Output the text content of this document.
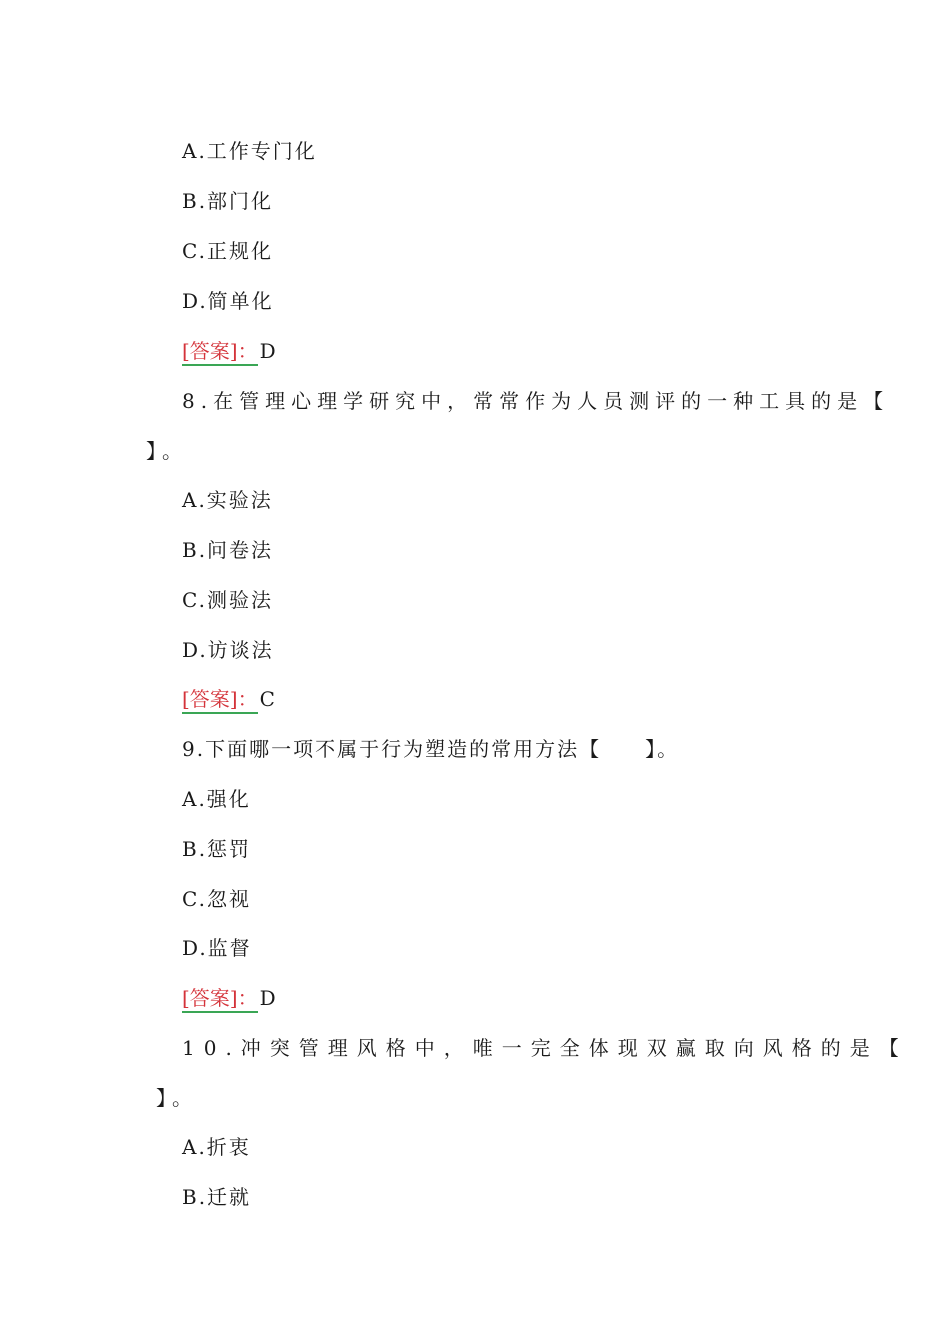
A.工作专门化

B.部门化

C.正规化

D.简单化

[答案]： D

8.在管理心理学研究中，常常作为人员测评的一种工具的是【

】。

A.实验法

B.问卷法

C.测验法

D.访谈法

[答案]： C

9.下面哪一项不属于行为塑造的常用方法【　　】。

A.强化

B.惩罚

C.忽视

D.监督

[答案]： D

10.冲突管理风格中，唯一完全体现双赢取向风格的是【

】。

A.折衷

B.迁就
